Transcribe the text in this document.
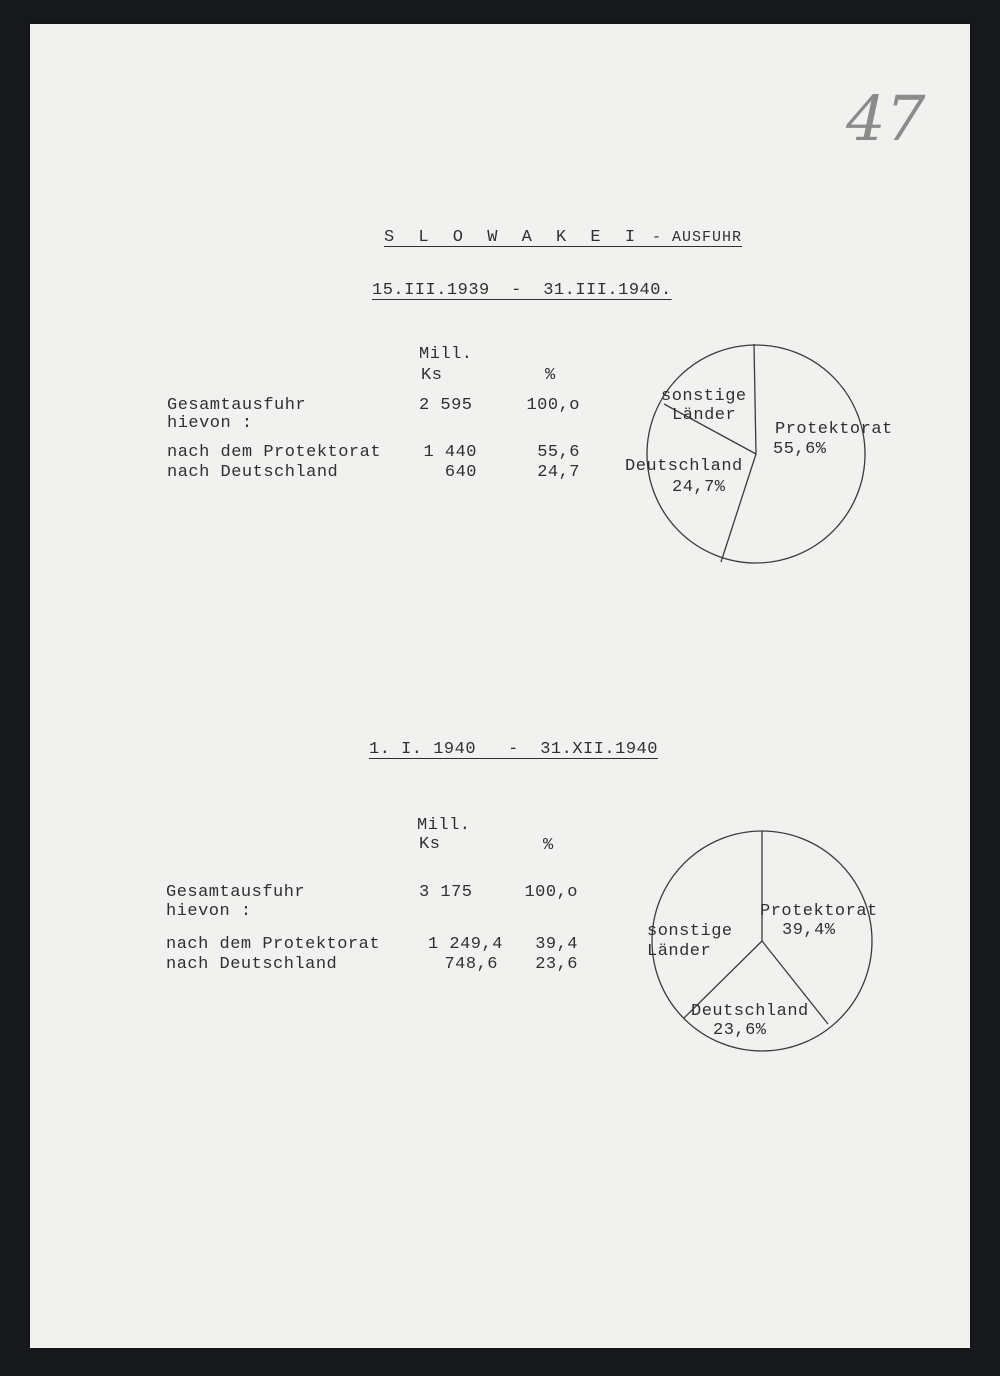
47
S L O W A K E I - AUSFUHR
15.III.1939  -  31.III.1940.
Mill.
Ks	%
Gesamtausfuhr	2 595	100,o
hievon :
nach dem Protektorat	1 440	55,6
nach Deutschland	640	24,7
sonstige
Länder
Protektorat
55,6%
Deutschland
24,7%
1. I. 1940   -  31.XII.1940
Mill.
Ks	%
Gesamtausfuhr	3 175	100,o
hievon :
nach dem Protektorat	1 249,4	39,4
nach Deutschland	748,6	23,6
Protektorat
39,4%
sonstige
Länder
Deutschland
23,6%
